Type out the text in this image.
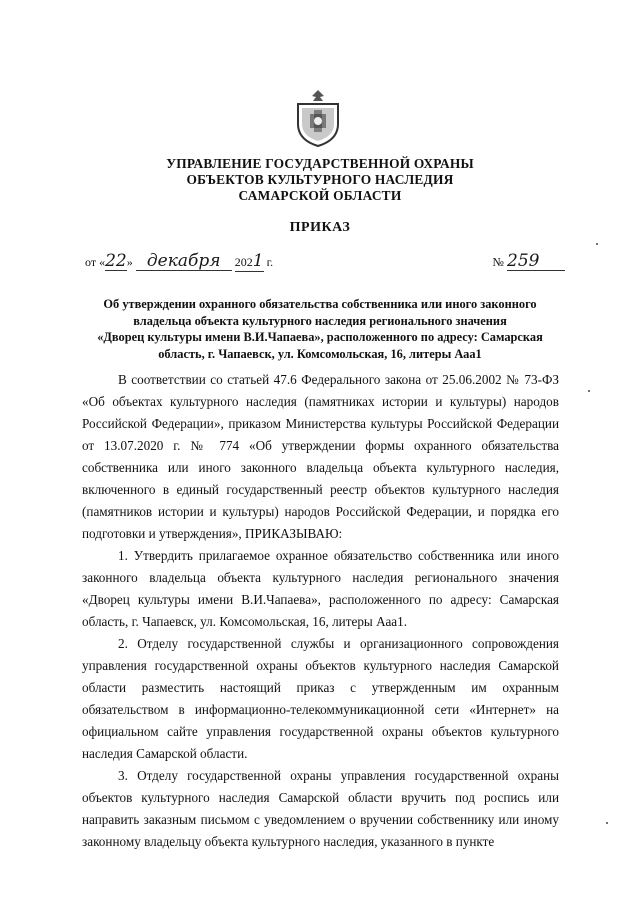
УПРАВЛЕНИЕ ГОСУДАРСТВЕННОЙ ОХРАНЫ
ОБЪЕКТОВ КУЛЬТУРНОГО НАСЛЕДИЯ
САМАРСКОЙ ОБЛАСТИ
ПРИКАЗ
от «22» декабря 2021 г.	№ 259
Об утверждении охранного обязательства собственника или иного законного
владельца объекта культурного наследия регионального значения
«Дворец культуры имени В.И.Чапаева», расположенного по адресу: Самарская
область, г. Чапаевск, ул. Комсомольская, 16, литеры Ааа1

В соответствии со статьей 47.6 Федерального закона от 25.06.2002 № 73-ФЗ «Об объектах культурного наследия (памятниках истории и культуры) народов Российской Федерации», приказом Министерства культуры Российской Федерации от 13.07.2020 г. № 774 «Об утверждении формы охранного обязательства собственника или иного законного владельца объекта культурного наследия, включенного в единый государственный реестр объектов культурного наследия (памятников истории и культуры) народов Российской Федерации, и порядка его подготовки и утверждения», ПРИКАЗЫВАЮ:

1. Утвердить прилагаемое охранное обязательство собственника или иного законного владельца объекта культурного наследия регионального значения «Дворец культуры имени В.И.Чапаева», расположенного по адресу: Самарская область, г. Чапаевск, ул. Комсомольская, 16, литеры Ааа1.

2. Отделу государственной службы и организационного сопровождения управления государственной охраны объектов культурного наследия Самарской области разместить настоящий приказ с утвержденным им охранным обязательством в информационно-телекоммуникационной сети «Интернет» на официальном сайте управления государственной охраны объектов культурного наследия Самарской области.

3. Отделу государственной охраны управления государственной охраны объектов культурного наследия Самарской области вручить под роспись или направить заказным письмом с уведомлением о вручении собственнику или иному законному владельцу объекта культурного наследия, указанного в пункте
